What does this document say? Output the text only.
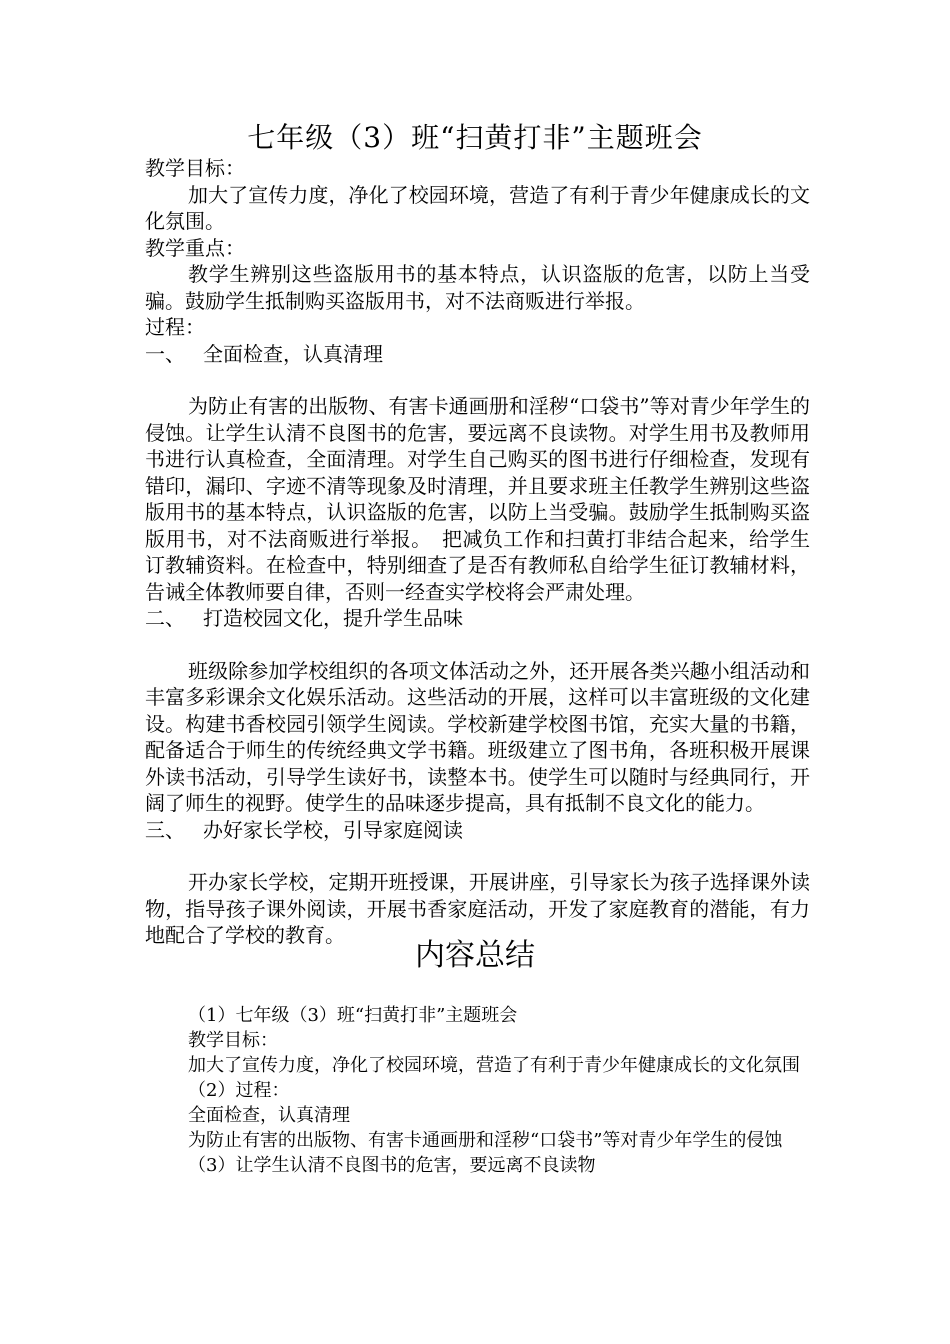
七年级（3）班“扫黄打非”主题班会

教学目标：

加大了宣传力度，净化了校园环境，营造了有利于青少年健康成长的文化氛围。

教学重点：

教学生辨别这些盗版用书的基本特点，认识盗版的危害，以防上当受骗。鼓励学生抵制购买盗版用书，对不法商贩进行举报。

过程：

一、 全面检查，认真清理

为防止有害的出版物、有害卡通画册和淫秽“口袋书”等对青少年学生的侵蚀。让学生认清不良图书的危害，要远离不良读物。对学生用书及教师用书进行认真检查，全面清理。对学生自己购买的图书进行仔细检查，发现有错印，漏印、字迹不清等现象及时清理，并且要求班主任教学生辨别这些盗版用书的基本特点，认识盗版的危害，以防上当受骗。鼓励学生抵制购买盗版用书，对不法商贩进行举报。　把减负工作和扫黄打非结合起来，给学生订教辅资料。在检查中，特别细查了是否有教师私自给学生征订教辅材料，告诫全体教师要自律，否则一经查实学校将会严肃处理。

二、 打造校园文化，提升学生品味

班级除参加学校组织的各项文体活动之外，还开展各类兴趣小组活动和丰富多彩课余文化娱乐活动。这些活动的开展，这样可以丰富班级的文化建设。构建书香校园引领学生阅读。学校新建学校图书馆，充实大量的书籍，配备适合于师生的传统经典文学书籍。班级建立了图书角，各班积极开展课外读书活动，引导学生读好书，读整本书。使学生可以随时与经典同行，开阔了师生的视野。使学生的品味逐步提高，具有抵制不良文化的能力。

三、 办好家长学校，引导家庭阅读

开办家长学校，定期开班授课，开展讲座，引导家长为孩子选择课外读物，指导孩子课外阅读，开展书香家庭活动，开发了家庭教育的潜能，有力地配合了学校的教育。

内容总结

（1）七年级（3）班“扫黄打非”主题班会

教学目标：

加大了宣传力度，净化了校园环境，营造了有利于青少年健康成长的文化氛围

（2）过程：

全面检查，认真清理

为防止有害的出版物、有害卡通画册和淫秽“口袋书”等对青少年学生的侵蚀

（3）让学生认清不良图书的危害，要远离不良读物
